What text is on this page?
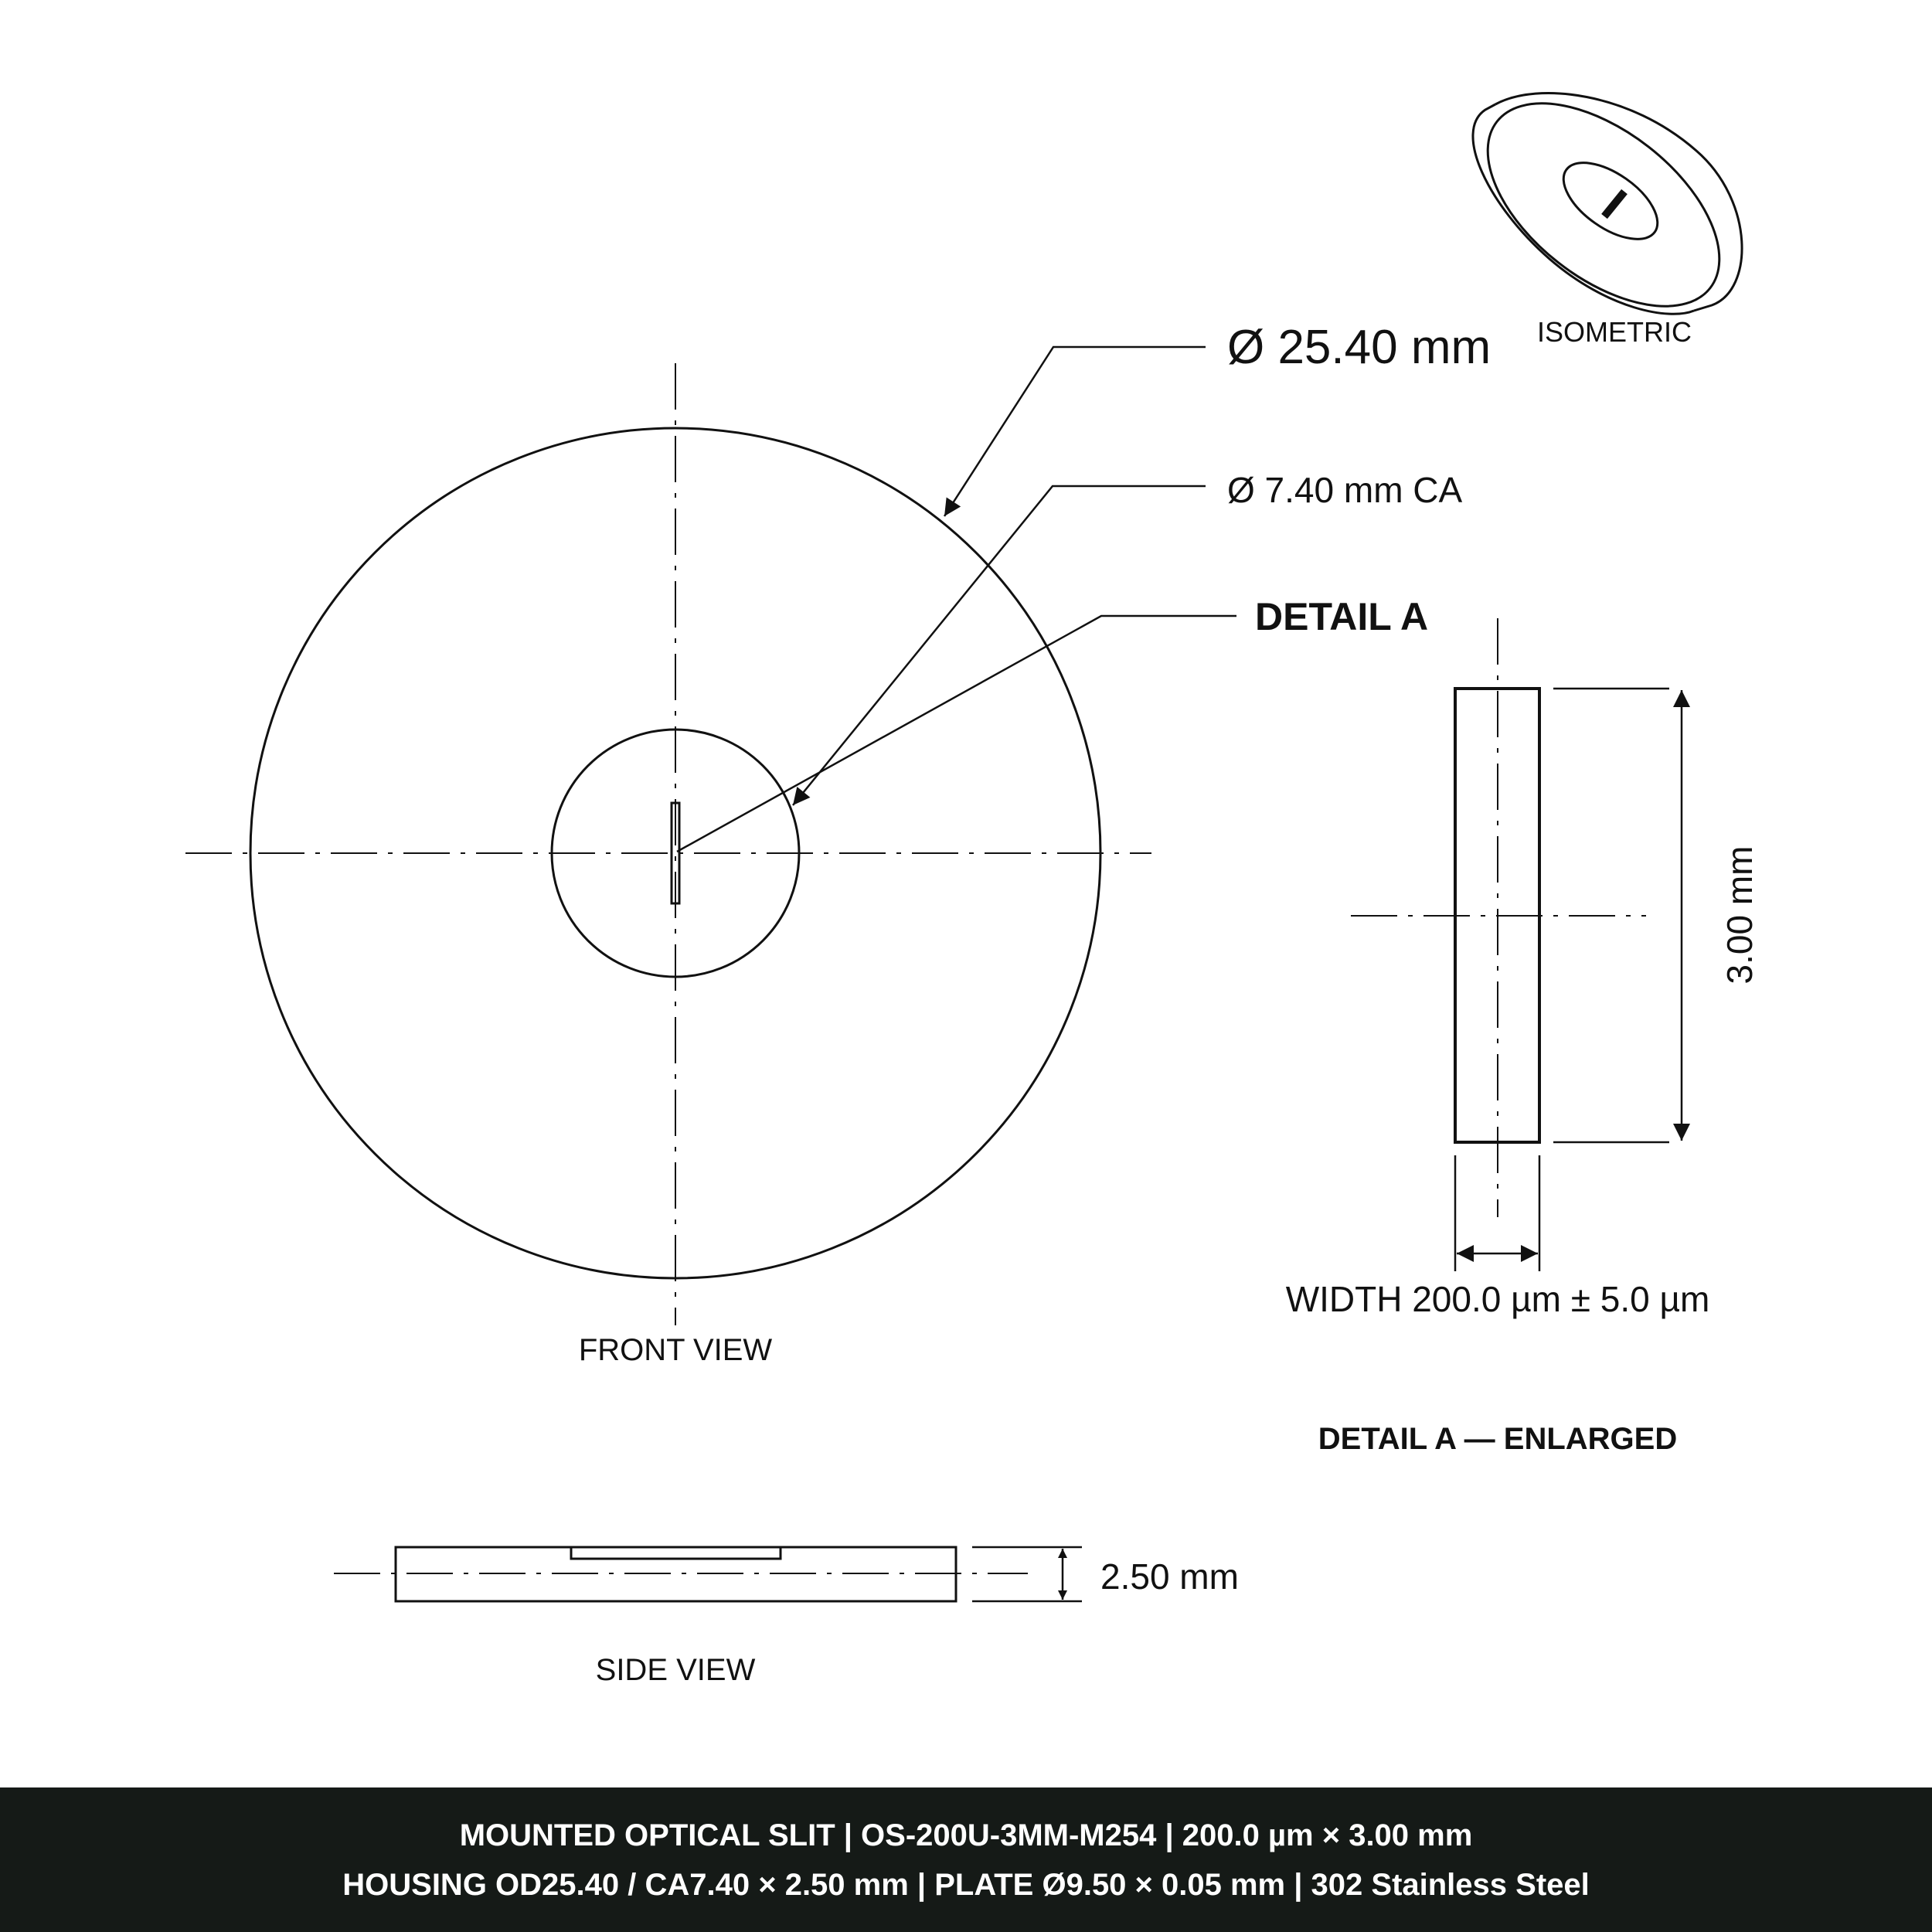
ISOMETRIC
FRONT VIEW
Ø 25.40 mm
Ø 7.40 mm CA
DETAIL A
3.00 mm
WIDTH 200.0 µm ± 5.0 µm
DETAIL A — ENLARGED
2.50 mm
SIDE VIEW
MOUNTED OPTICAL SLIT | OS-200U-3MM-M254 | 200.0 µm × 3.00 mm
HOUSING OD25.40 / CA7.40 × 2.50 mm | PLATE Ø9.50 × 0.05 mm | 302 Stainless Steel
